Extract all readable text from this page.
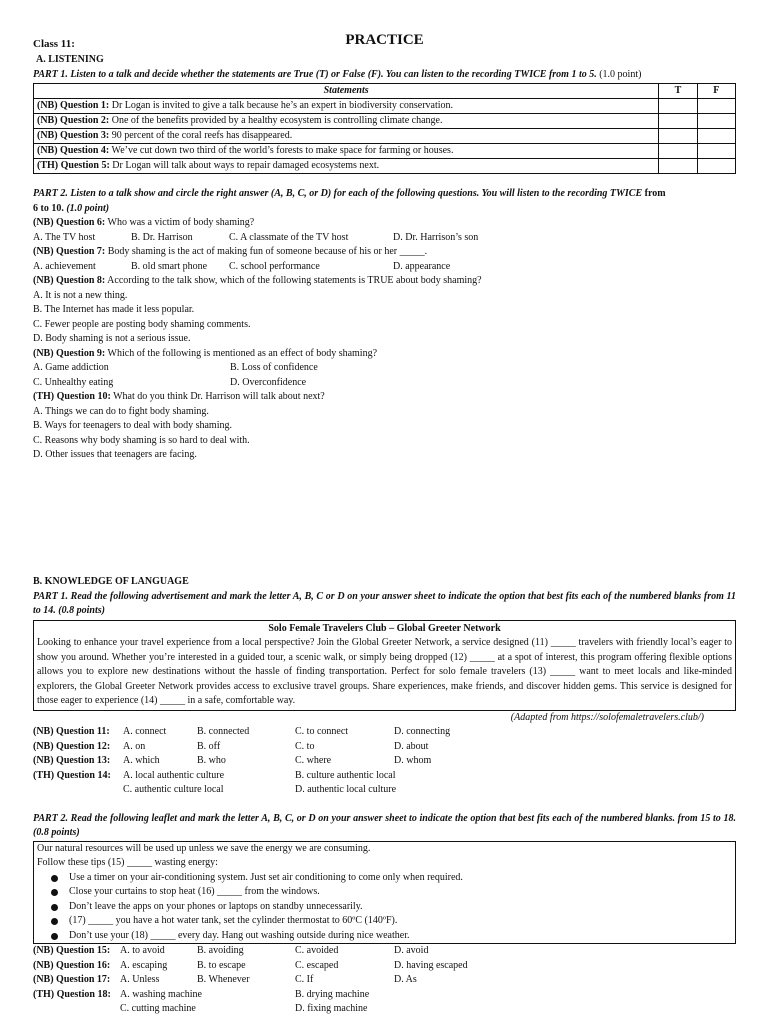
Class 11:	PRACTICE
A. LISTENING
PART 1. Listen to a talk and decide whether the statements are True (T) or False (F). You can listen to the recording TWICE from 1 to 5. (1.0 point)
Statements	T	F
(NB) Question 1: Dr Logan is invited to give a talk because he’s an expert in biodiversity conservation.		
(NB) Question 2: One of the benefits provided by a healthy ecosystem is controlling climate change.		
(NB) Question 3: 90 percent of the coral reefs has disappeared.		
(NB) Question 4: We’ve cut down two third of the world’s forests to make space for farming or houses.		
(TH) Question 5: Dr Logan will talk about ways to repair damaged ecosystems next.		
PART 2. Listen to a talk show and circle the right answer (A, B, C, or D) for each of the following questions. You will listen to the recording TWICE from
6 to 10. (1.0 point)
(NB) Question 6: Who was a victim of body shaming?
A. The TV host	B. Dr. Harrison	C. A classmate of the TV host	D. Dr. Harrison’s son
(NB) Question 7: Body shaming is the act of making fun of someone because of his or her _____.
A. achievement	B. old smart phone	C. school performance	D. appearance
(NB) Question 8: According to the talk show, which of the following statements is TRUE about body shaming?
A. It is not a new thing.
B. The Internet has made it less popular.
C. Fewer people are posting body shaming comments.
D. Body shaming is not a serious issue.
(NB) Question 9: Which of the following is mentioned as an effect of body shaming?
A. Game addiction	B. Loss of confidence
C. Unhealthy eating	D. Overconfidence
(TH) Question 10: What do you think Dr. Harrison will talk about next?
A. Things we can do to fight body shaming.
B. Ways for teenagers to deal with body shaming.
C. Reasons why body shaming is so hard to deal with.
D. Other issues that teenagers are facing.
B. KNOWLEDGE OF LANGUAGE
PART 1. Read the following advertisement and mark the letter A, B, C or D on your answer sheet to indicate the option that best fits each of the numbered blanks from 11 to 14. (0.8 points)
Solo Female Travelers Club – Global Greeter Network
Looking to enhance your travel experience from a local perspective? Join the Global Greeter Network, a service designed (11) _____ travelers with friendly local’s eager to show you around. Whether you’re interested in a guided tour, a scenic walk, or simply being dropped (12) _____ at a spot of interest, this program offering flexible options allows you to explore new destinations without the hassle of finding transportation. Perfect for solo female travelers (13) _____ want to meet locals and like-minded explorers, the Global Greeter Network provides access to exclusive travel groups. Share experiences, make friends, and discover hidden gems. This service is designed for those eager to experience (14) _____ in a safe, comfortable way.
(Adapted from https://solofemaletravelers.club/)
(NB) Question 11:	A. connect	B. connected	C. to connect	D. connecting
(NB) Question 12:	A. on	B. off	C. to	D. about
(NB) Question 13:	A. which	B. who	C. where	D. whom
(TH) Question 14:	A. local authentic culture	B. culture authentic local
C. authentic culture local	D. authentic local culture
PART 2. Read the following leaflet and mark the letter A, B, C, or D on your answer sheet to indicate the option that best fits each of the numbered blanks. from 15 to 18. (0.8 points)
Our natural resources will be used up unless we save the energy we are consuming.
Follow these tips (15) _____ wasting energy:
Use a timer on your air-conditioning system. Just set air conditioning to come only when required.
Close your curtains to stop heat (16) _____ from the windows.
Don’t leave the apps on your phones or laptops on standby unnecessarily.
(17) _____ you have a hot water tank, set the cylinder thermostat to 60ºC (140ºF).
Don’t use your (18) _____ every day. Hang out washing outside during nice weather.
(NB) Question 15: A. to avoid	B. avoiding	C. avoided	D. avoid
(NB) Question 16: A. escaping	B. to escape	C. escaped	D. having escaped
(NB) Question 17: A. Unless	B. Whenever	C. If	D. As
(TH) Question 18: A. washing machine	B. drying machine
C. cutting machine	D. fixing machine
